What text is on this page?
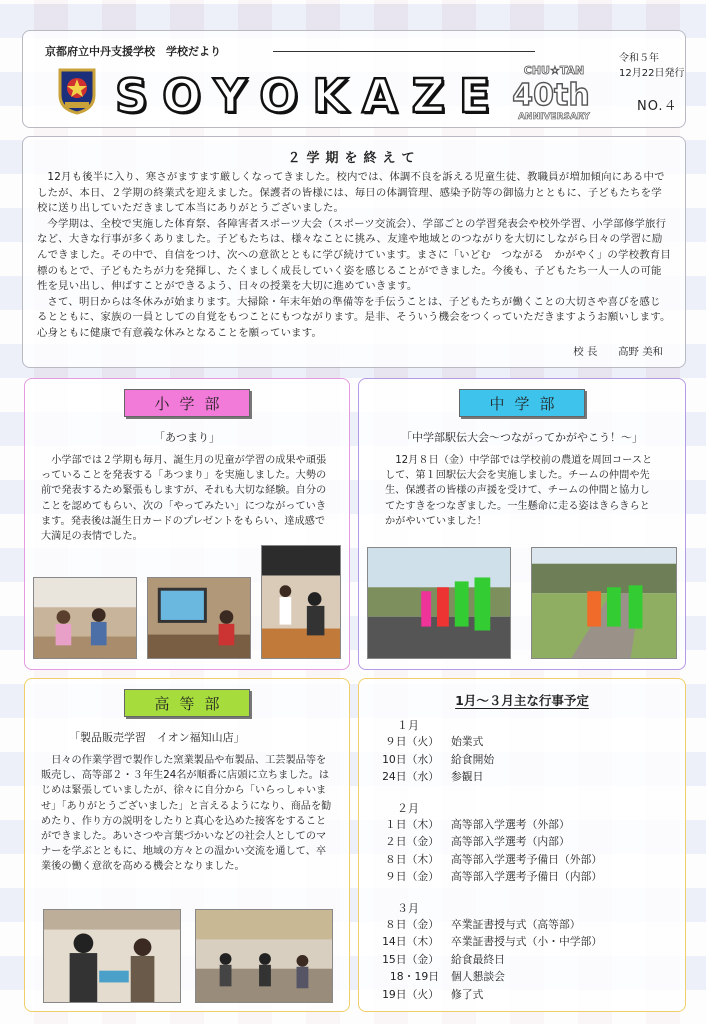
京都府立中丹支援学校　学校だより
SOYOKAZE CHU☆TAN
40th
ANNIVERSARY
令和５年
12月22日発行
NO.４
２学期を終えて

12月も後半に入り、寒さがますます厳しくなってきました。校内では、体調不良を訴える児童生徒、教職員が増加傾向にある中でしたが、本日、２学期の終業式を迎えました。保護者の皆様には、毎日の体調管理、感染予防等の御協力とともに、子どもたちを学校に送り出していただきまして本当にありがとうございました。

今学期は、全校で実施した体育祭、各障害者スポーツ大会（スポーツ交流会）、学部ごとの学習発表会や校外学習、小学部修学旅行など、大きな行事が多くありました。子どもたちは、様々なことに挑み、友達や地域とのつながりを大切にしながら日々の学習に励んできました。その中で、自信をつけ、次への意欲とともに学び続けています。まさに「いどむ　つながる　かがやく」の学校教育目標のもとで、子どもたちが力を発揮し、たくましく成長していく姿を感じることができました。今後も、子どもたち一人一人の可能性を見い出し、伸ばすことができるよう、日々の授業を大切に進めていきます。

さて、明日からは冬休みが始まります。大掃除・年末年始の準備等を手伝うことは、子どもたちが働くことの大切さや喜びを感じるとともに、家族の一員としての自覚をもつことにもつながります。是非、そういう機会をつくっていただきますようお願いします。心身ともに健康で有意義な休みとなることを願っています。

校 長　　高野 美和
小学部
「あつまり」

小学部では２学期も毎月、誕生月の児童が学習の成果や頑張っていることを発表する「あつまり」を実施しました。大勢の前で発表するため緊張もしますが、それも大切な経験。自分のことを認めてもらい、次の「やってみたい」につながっていきます。発表後は誕生日カードのプレゼントをもらい、達成感で大満足の表情でした。

中学部
「中学部駅伝大会～つながってかがやこう！～」

12月８日（金）中学部では学校前の農道を周回コースとして、第１回駅伝大会を実施しました。チームの仲間や先生、保護者の皆様の声援を受けて、チームの仲間と協力してたすきをつなぎました。一生懸命に走る姿はきらきらとかがやいていました！

高等部
「製品販売学習　イオン福知山店」

日々の作業学習で製作した窯業製品や布製品、工芸製品等を販売し、高等部２・３年生24名が順番に店頭に立ちました。はじめは緊張していましたが、徐々に自分から「いらっしゃいませ」「ありがとうございました」と言えるようになり、商品を勧めたり、作り方の説明をしたりと真心を込めた接客をすることができました。あいさつや言葉づかいなどの社会人としてのマナーを学ぶとともに、地域の方々との温かい交流を通して、卒業後の働く意欲を高める機会となりました。

1月～３月主な行事予定
１月
９日（火）	始業式
10日（水）	給食開始
24日（水）	参観日
２月
１日（木）	高等部入学選考（外部）
２日（金）	高等部入学選考（内部）
８日（木）	高等部入学選考予備日（外部）
９日（金）	高等部入学選考予備日（内部）
３月
８日（金）	卒業証書授与式（高等部）
14日（木）	卒業証書授与式（小・中学部）
15日（金）	給食最終日
18・19日	個人懇談会
19日（火）	修了式
